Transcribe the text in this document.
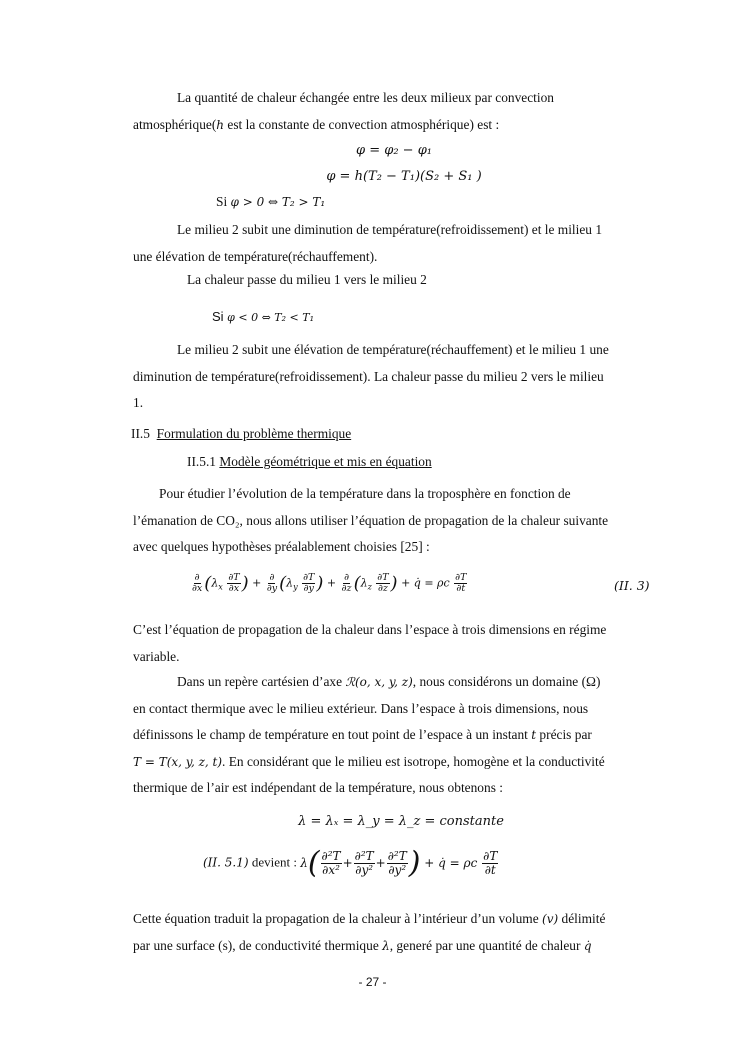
La quantité de chaleur échangée entre les deux milieux par convection
atmosphérique(h est la constante de convection atmosphérique) est :

φ = φ₂ − φ₁
φ = h(T₂ − T₁)(S₂ + S₁ )
Si φ > 0 ⇔ T₂ > T₁

Le milieu 2 subit une diminution de température(refroidissement) et le milieu 1
une élévation de température(réchauffement).

La chaleur passe du milieu 1 vers le milieu 2

Si φ < 0 ⇔ T₂ < T₁

Le milieu 2 subit une élévation de température(réchauffement) et le milieu 1 une
diminution de température(refroidissement). La chaleur passe du milieu 2 vers le milieu
1.

II.5 Formulation du problème thermique
II.5.1 Modèle géométrique et mis en équation

Pour étudier l’évolution de la température dans la troposphère en fonction de
l’émanation de CO₂, nous allons utiliser l’équation de propagation de la chaleur suivante
avec quelques hypothèses préalablement choisies [25] :

$\frac{\partial}{\partial x} (\lambda_x \frac{\partial T}{\partial x}$ ) + $\frac{\partial}{\partial y} (\lambda_y \frac{\partial T}{\partial y}$ ) + $\frac{\partial}{\partial z} (\lambda_z \frac{\partial T}{\partial z}$ ) + q̇ = ρc $\frac{\partial T}{\partial t}$	(II. 3)

C’est l’équation de propagation de la chaleur dans l’espace à trois dimensions en régime
variable.

Dans un repère cartésien d’axe ℛ(o, x, y, z), nous considérons un domaine (Ω)
en contact thermique avec le milieu extérieur. Dans l’espace à trois dimensions, nous
définissons le champ de température en tout point de l’espace à un instant t précis par
T = T(x, y, z, t). En considérant que le milieu est isotrope, homogène et la conductivité
thermique de l’air est indépendant de la température, nous obtenons :

λ = λₓ = λ_y = λ_z = constante
(II. 5.1) devient : $\lambda( \frac{\text{∂²T}}{\text{∂x²}} + \frac{\text{∂²T}}{\text{∂y²}} + \frac{\text{∂²T}}{\text{∂y²}}$ ) + q̇ = ρc $\frac{\partial T}{\partial t}$

Cette équation traduit la propagation de la chaleur à l’intérieur d’un volume (v) délimité
par une surface (s), de conductivité thermique λ, generé par une quantité de chaleur q̇

- 27 -
